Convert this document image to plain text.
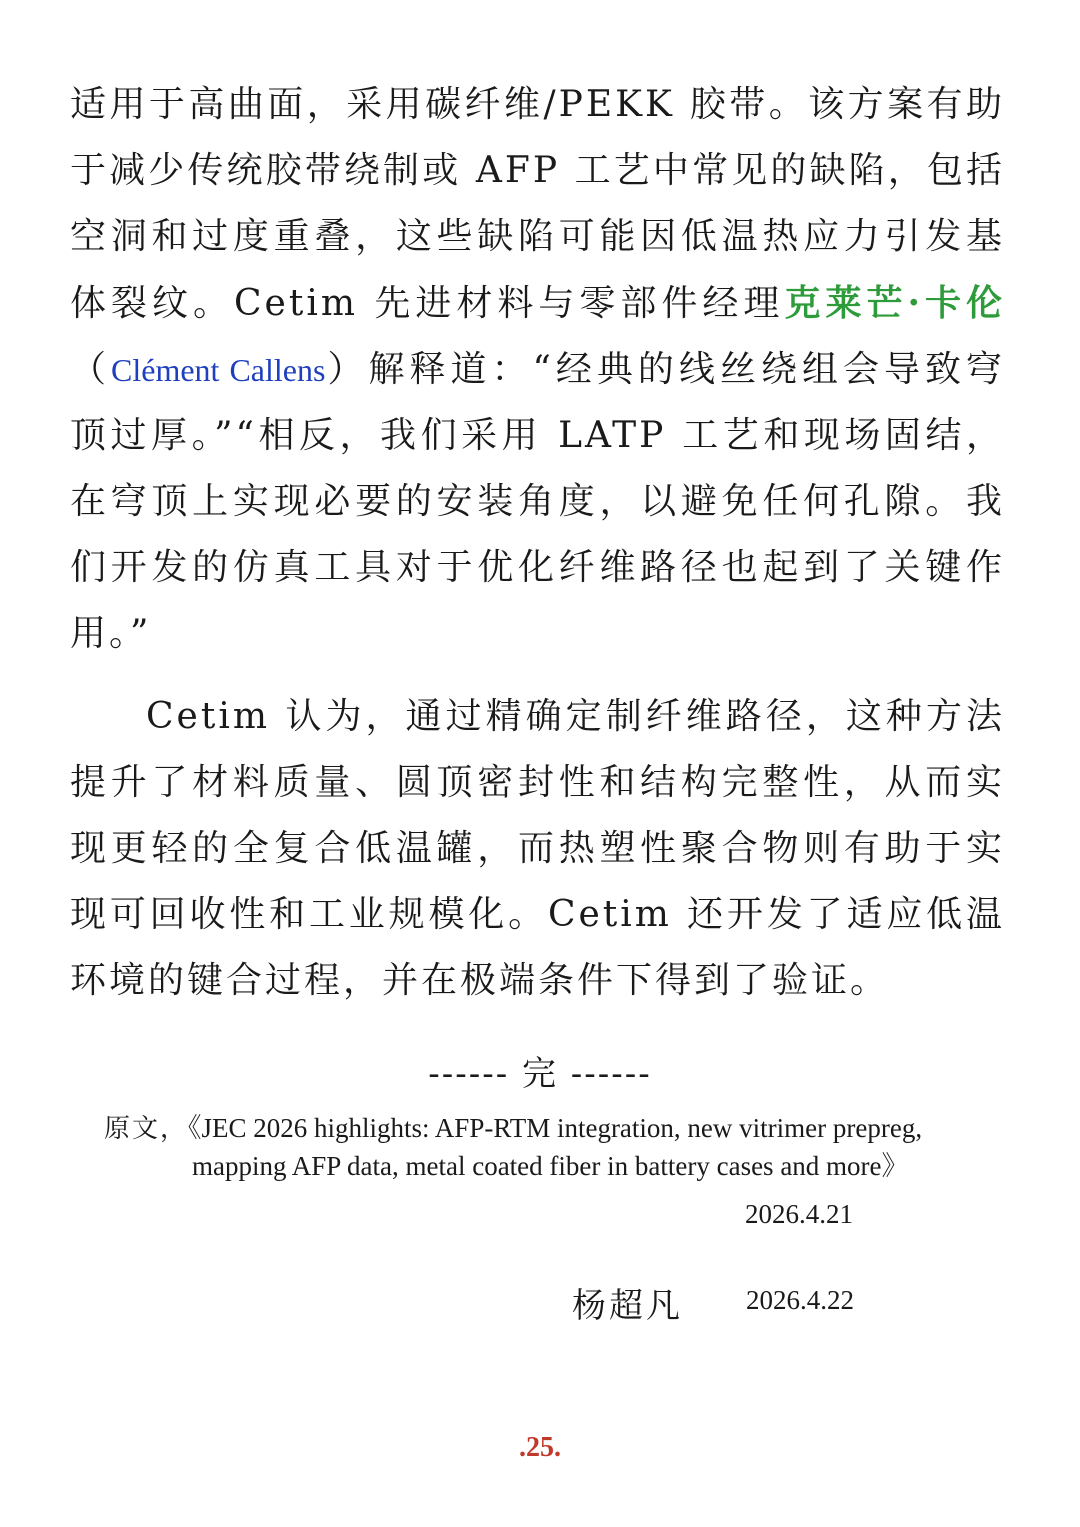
适用于高曲面，采用碳纤维/PEKK 胶带。该方案有助于减少传统胶带绕制或 AFP 工艺中常见的缺陷，包括空洞和过度重叠，这些缺陷可能因低温热应力引发基体裂纹。Cetim 先进材料与零部件经理克莱芒·卡伦（Clément Callens）解释道：“经典的线丝绕组会导致穹顶过厚。”“相反，我们采用 LATP 工艺和现场固结，在穹顶上实现必要的安装角度，以避免任何孔隙。我们开发的仿真工具对于优化纤维路径也起到了关键作用。”

Cetim 认为，通过精确定制纤维路径，这种方法提升了材料质量、圆顶密封性和结构完整性，从而实现更轻的全复合低温罐，而热塑性聚合物则有助于实现可回收性和工业规模化。Cetim 还开发了适应低温环境的键合过程，并在极端条件下得到了验证。

------ 完 ------
原文，《JEC 2026 highlights: AFP-RTM integration, new vitrimer prepreg,
mapping AFP data, metal coated fiber in battery cases and more》
2026.4.21
杨超凡 2026.4.22
.25.
